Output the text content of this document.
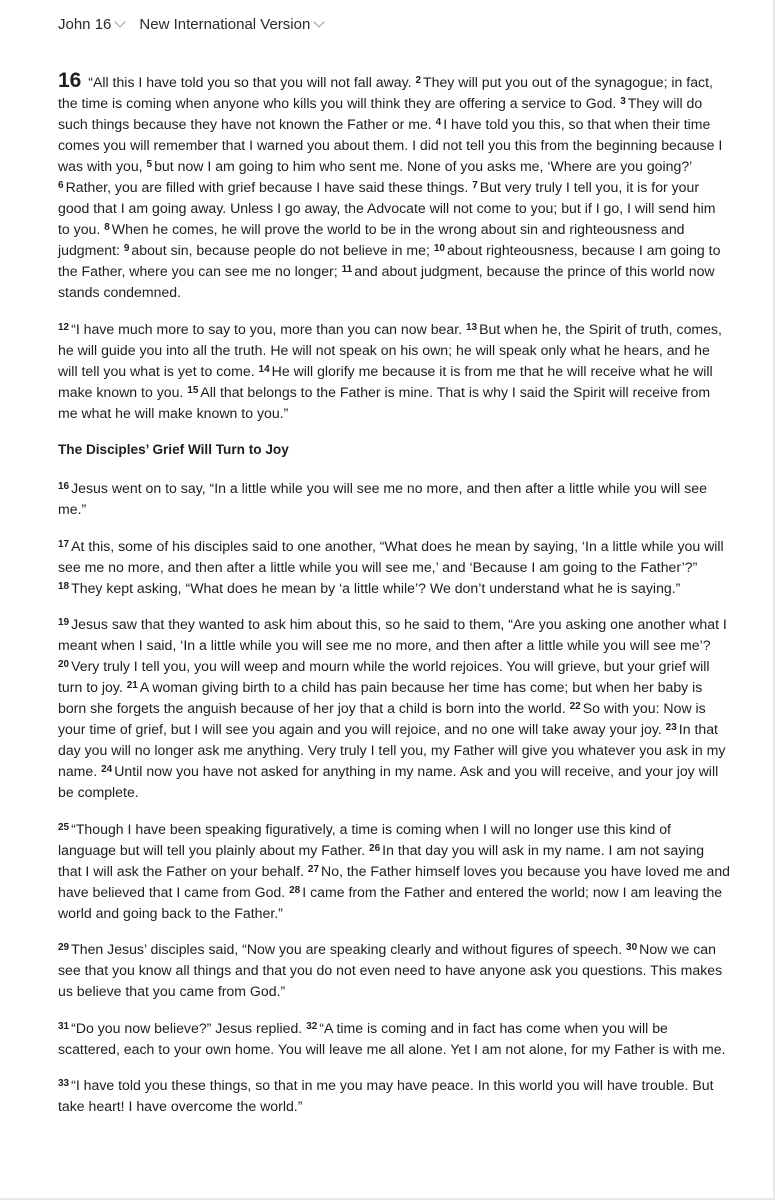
John 16 New International Version

16 “All this I have told you so that you will not fall away. $^2$ They will put you out of the synagogue; in fact, the time is coming when anyone who kills you will think they are offering a service to God. $^3$ They will do such things because they have not known the Father or me. $^4$ I have told you this, so that when their time comes you will remember that I warned you about them. I did not tell you this from the beginning because I was with you, $^5$ but now I am going to him who sent me. None of you asks me, ‘Where are you going?’ $^6$ Rather, you are filled with grief because I have said these things. $^7$ But very truly I tell you, it is for your good that I am going away. Unless I go away, the Advocate will not come to you; but if I go, I will send him to you. $^8$ When he comes, he will prove the world to be in the wrong about sin and righteousness and judgment: $^9$ about sin, because people do not believe in me; $^{10}$ about righteousness, because I am going to the Father, where you can see me no longer; $^{11}$ and about judgment, because the prince of this world now stands condemned.

$^{12}$ “I have much more to say to you, more than you can now bear. $^{13}$ But when he, the Spirit of truth, comes, he will guide you into all the truth. He will not speak on his own; he will speak only what he hears, and he will tell you what is yet to come. $^{14}$ He will glorify me because it is from me that he will receive what he will make known to you. $^{15}$ All that belongs to the Father is mine. That is why I said the Spirit will receive from me what he will make known to you.”

The Disciples’ Grief Will Turn to Joy

$^{16}$ Jesus went on to say, “In a little while you will see me no more, and then after a little while you will see me.”

$^{17}$ At this, some of his disciples said to one another, “What does he mean by saying, ‘In a little while you will see me no more, and then after a little while you will see me,’ and ‘Because I am going to the Father’?” $^{18}$ They kept asking, “What does he mean by ‘a little while’? We don’t understand what he is saying.”

$^{19}$ Jesus saw that they wanted to ask him about this, so he said to them, “Are you asking one another what I meant when I said, ‘In a little while you will see me no more, and then after a little while you will see me’? $^{20}$ Very truly I tell you, you will weep and mourn while the world rejoices. You will grieve, but your grief will turn to joy. $^{21}$ A woman giving birth to a child has pain because her time has come; but when her baby is born she forgets the anguish because of her joy that a child is born into the world. $^{22}$ So with you: Now is your time of grief, but I will see you again and you will rejoice, and no one will take away your joy. $^{23}$ In that day you will no longer ask me anything. Very truly I tell you, my Father will give you whatever you ask in my name. $^{24}$ Until now you have not asked for anything in my name. Ask and you will receive, and your joy will be complete.

$^{25}$ “Though I have been speaking figuratively, a time is coming when I will no longer use this kind of language but will tell you plainly about my Father. $^{26}$ In that day you will ask in my name. I am not saying that I will ask the Father on your behalf. $^{27}$ No, the Father himself loves you because you have loved me and have believed that I came from God. $^{28}$ I came from the Father and entered the world; now I am leaving the world and going back to the Father.”

$^{29}$ Then Jesus’ disciples said, “Now you are speaking clearly and without figures of speech. $^{30}$ Now we can see that you know all things and that you do not even need to have anyone ask you questions. This makes us believe that you came from God.”

$^{31}$ “Do you now believe?” Jesus replied. $^{32}$ “A time is coming and in fact has come when you will be scattered, each to your own home. You will leave me all alone. Yet I am not alone, for my Father is with me.

$^{33}$ “I have told you these things, so that in me you may have peace. In this world you will have trouble. But take heart! I have overcome the world.”
